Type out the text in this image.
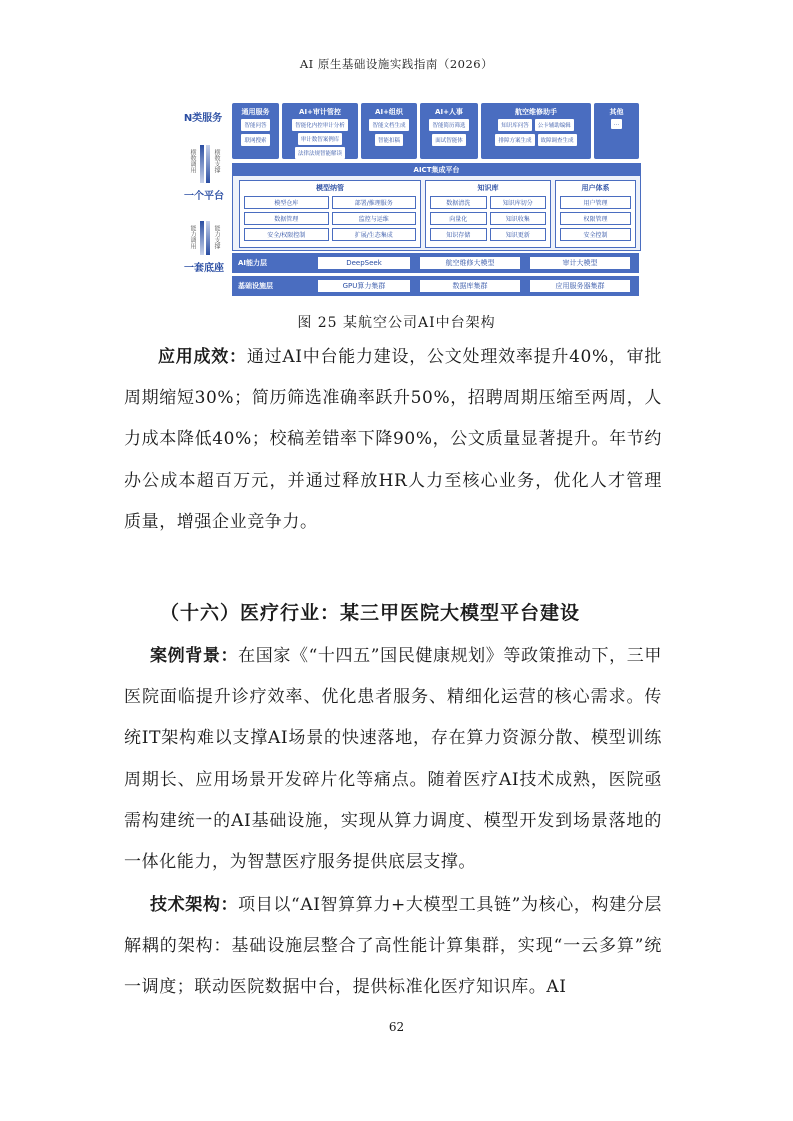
AI 原生基础设施实践指南（2026）
N类服务
横数调用	横数支撑
一个平台
能力调用	能力支撑
一套底座
通用服务
智能问答
联网搜索
AI+审计管控
智能化内控审计分析
审计数智案例库
法律法规智能解读
AI+组织
智能文档生成
智能扣稿
AI+人事
智能简历筛选
面试智能体
航空维修助手
知识库问答	公卡辅助编辑
排障方案生成	故障调查生成
其他
...
AICT集成平台
模型纳管
模型仓库	部署/推理服务
数据管理	监控与运维
安全/权限控制	扩展/生态集成
知识库
数据清洗	知识库切分
向量化	知识收集
知识存储	知识更新
用户体系
用户管理
权限管理
安全控制
AI能力层	DeepSeek	航空维修大模型	审计大模型
基础设施层	GPU算力集群	数据库集群	应用服务器集群
图 25 某航空公司AI中台架构
应用成效：通过AI中台能力建设，公文处理效率提升40%，审批周期缩短30%；简历筛选准确率跃升50%，招聘周期压缩至两周，人力成本降低40%；校稿差错率下降90%，公文质量显著提升。年节约办公成本超百万元，并通过释放HR人力至核心业务，优化人才管理质量，增强企业竞争力。
（十六）医疗行业：某三甲医院大模型平台建设
案例背景：在国家《“十四五”国民健康规划》等政策推动下，三甲医院面临提升诊疗效率、优化患者服务、精细化运营的核心需求。传统IT架构难以支撑AI场景的快速落地，存在算力资源分散、模型训练周期长、应用场景开发碎片化等痛点。随着医疗AI技术成熟，医院亟需构建统一的AI基础设施，实现从算力调度、模型开发到场景落地的一体化能力，为智慧医疗服务提供底层支撑。
技术架构：项目以“AI智算算力+大模型工具链”为核心，构建分层解耦的架构：基础设施层整合了高性能计算集群，实现“一云多算”统一调度；联动医院数据中台，提供标准化医疗知识库。AI
62
